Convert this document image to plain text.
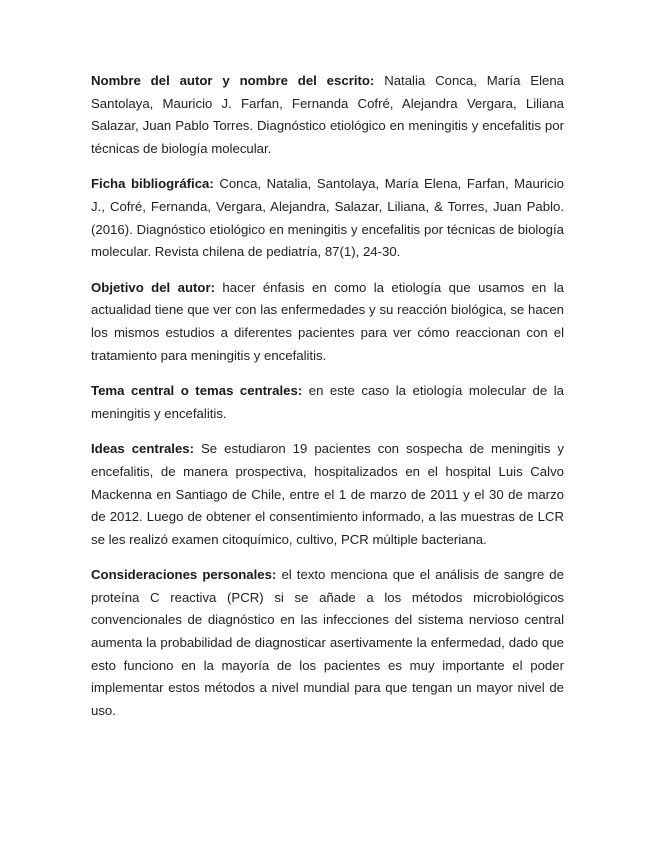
Nombre del autor y nombre del escrito: Natalia Conca, María Elena Santolaya, Mauricio J. Farfan, Fernanda Cofré, Alejandra Vergara, Liliana Salazar, Juan Pablo Torres. Diagnóstico etiológico en meningitis y encefalitis por técnicas de biología molecular.

Ficha bibliográfica: Conca, Natalia, Santolaya, María Elena, Farfan, Mauricio J., Cofré, Fernanda, Vergara, Alejandra, Salazar, Liliana, & Torres, Juan Pablo. (2016). Diagnóstico etiológico en meningitis y encefalitis por técnicas de biología molecular. Revista chilena de pediatría, 87(1), 24-30.

Objetivo del autor: hacer énfasis en como la etiología que usamos en la actualidad tiene que ver con las enfermedades y su reacción biológica, se hacen los mismos estudios a diferentes pacientes para ver cómo reaccionan con el tratamiento para meningitis y encefalitis.

Tema central o temas centrales: en este caso la etiología molecular de la meningitis y encefalitis.

Ideas centrales: Se estudiaron 19 pacientes con sospecha de meningitis y encefalitis, de manera prospectiva, hospitalizados en el hospital Luis Calvo Mackenna en Santiago de Chile, entre el 1 de marzo de 2011 y el 30 de marzo de 2012. Luego de obtener el consentimiento informado, a las muestras de LCR se les realizó examen citoquímico, cultivo, PCR múltiple bacteriana.

Consideraciones personales: el texto menciona que el análisis de sangre de proteína C reactiva (PCR) si se añade a los métodos microbiológicos convencionales de diagnóstico en las infecciones del sistema nervioso central aumenta la probabilidad de diagnosticar asertivamente la enfermedad, dado que esto funciono en la mayoría de los pacientes es muy importante el poder implementar estos métodos a nivel mundial para que tengan un mayor nivel de uso.
